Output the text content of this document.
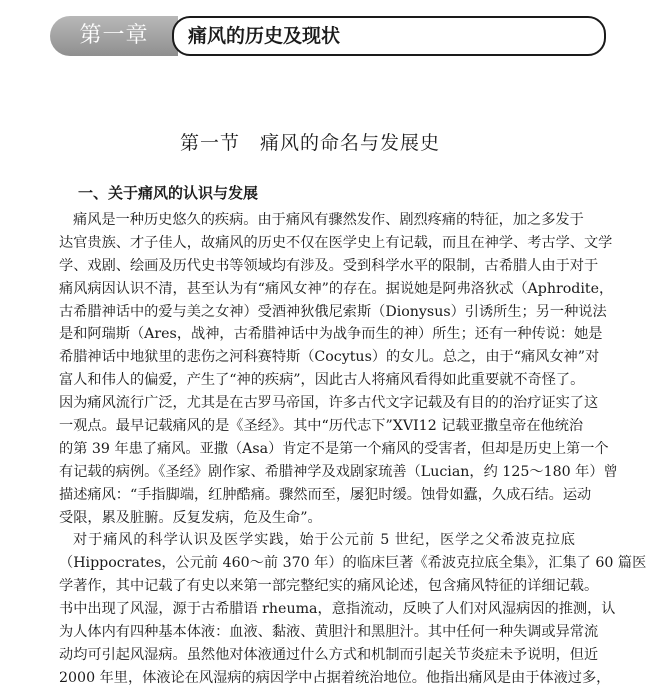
第一章	痛风的历史及现状
第一节　痛风的命名与发展史
一、关于痛风的认识与发展
痛风是一种历史悠久的疾病。由于痛风有骤然发作、剧烈疼痛的特征，加之多发于
达官贵族、才子佳人，故痛风的历史不仅在医学史上有记载，而且在神学、考古学、文学
学、戏剧、绘画及历代史书等领域均有涉及。受到科学水平的限制，古希腊人由于对于
痛风病因认识不清，甚至认为有“痛风女神”的存在。据说她是阿弗洛狄忒（Aphrodite，
古希腊神话中的爱与美之女神）受酒神狄俄尼索斯（Dionysus）引诱所生；另一种说法
是和阿瑞斯（Ares，战神，古希腊神话中为战争而生的神）所生；还有一种传说：她是
希腊神话中地狱里的悲伤之河科赛特斯（Cocytus）的女儿。总之，由于“痛风女神”对
富人和伟人的偏爱，产生了“神的疾病”，因此古人将痛风看得如此重要就不奇怪了。
因为痛风流行广泛，尤其是在古罗马帝国，许多古代文字记载及有目的的治疗证实了这
一观点。最早记载痛风的是《圣经》。其中“历代志下”XVI12 记载亚撒皇帝在他统治
的第 39 年患了痛风。亚撒（Asa）肯定不是第一个痛风的受害者，但却是历史上第一个
有记载的病例。《圣经》剧作家、希腊神学及戏剧家琉善（Lucian，约 125～180 年）曾
描述痛风：“手指脚端，红肿酷痛。骤然而至，屡犯时缓。蚀骨如蠹，久成石结。运动
受限，累及脏腑。反复发病，危及生命”。
对于痛风的科学认识及医学实践，始于公元前 5 世纪，医学之父希波克拉底
（Hippocrates，公元前 460～前 370 年）的临床巨著《希波克拉底全集》，汇集了 60 篇医
学著作，其中记载了有史以来第一部完整纪实的痛风论述，包含痛风特征的详细记载。
书中出现了风湿，源于古希腊语 rheuma，意指流动，反映了人们对风湿病因的推测，认
为人体内有四种基本体液：血液、黏液、黄胆汁和黑胆汁。其中任何一种失调或异常流
动均可引起风湿病。虽然他对体液通过什么方式和机制而引起关节炎症未予说明，但近
2000 年里，体液论在风湿病的病因学中占据着统治地位。他指出痛风是由于体液过多，
